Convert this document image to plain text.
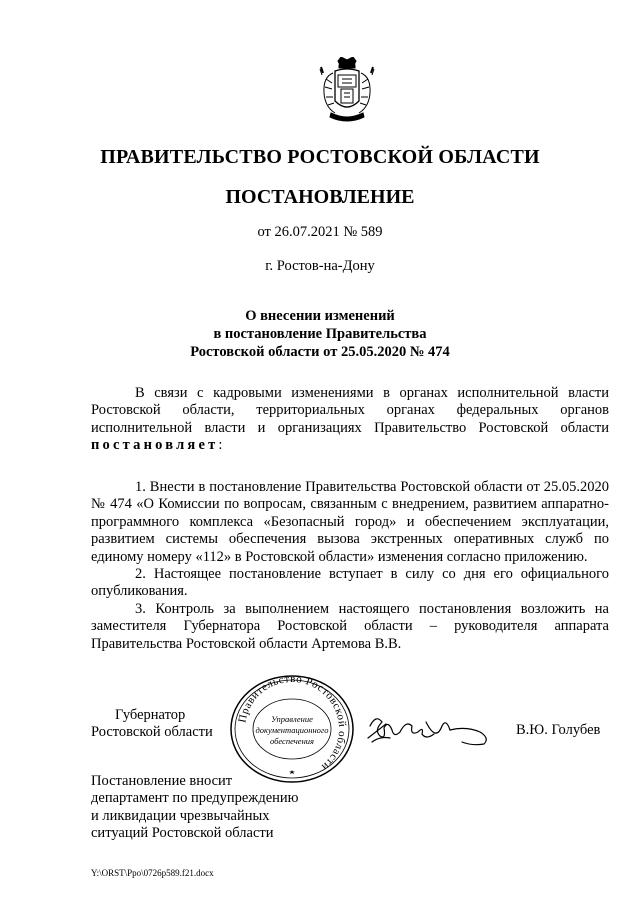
ПРАВИТЕЛЬСТВО РОСТОВСКОЙ ОБЛАСТИ
ПОСТАНОВЛЕНИЕ
от 26.07.2021 № 589
г. Ростов-на-Дону
О внесении изменений
в постановление Правительства
Ростовской области от 25.05.2020 № 474

В связи с кадровыми изменениями в органах исполнительной власти Ростовской области, территориальных органах федеральных органов исполнительной власти и организациях Правительство Ростовской области постановляет:

1. Внести в постановление Правительства Ростовской области от 25.05.2020 № 474 «О Комиссии по вопросам, связанным с внедрением, развитием аппаратно-программного комплекса «Безопасный город» и обеспечением эксплуатации, развитием системы обеспечения вызова экстренных оперативных служб по единому номеру «112» в Ростовской области» изменения согласно приложению.

2. Настоящее постановление вступает в силу со дня его официального опубликования.

3. Контроль за выполнением настоящего постановления возложить на заместителя Губернатора Ростовской области – руководителя аппарата Правительства Ростовской области Артемова В.В.

Губернатор
Ростовской области
Правительство Ростовской области
Управление
документационного
обеспечения
В.Ю. Голубев
Постановление вносит
департамент по предупреждению
и ликвидации чрезвычайных
ситуаций Ростовской области
Y:\ORST\Ppo\0726p589.f21.docx
